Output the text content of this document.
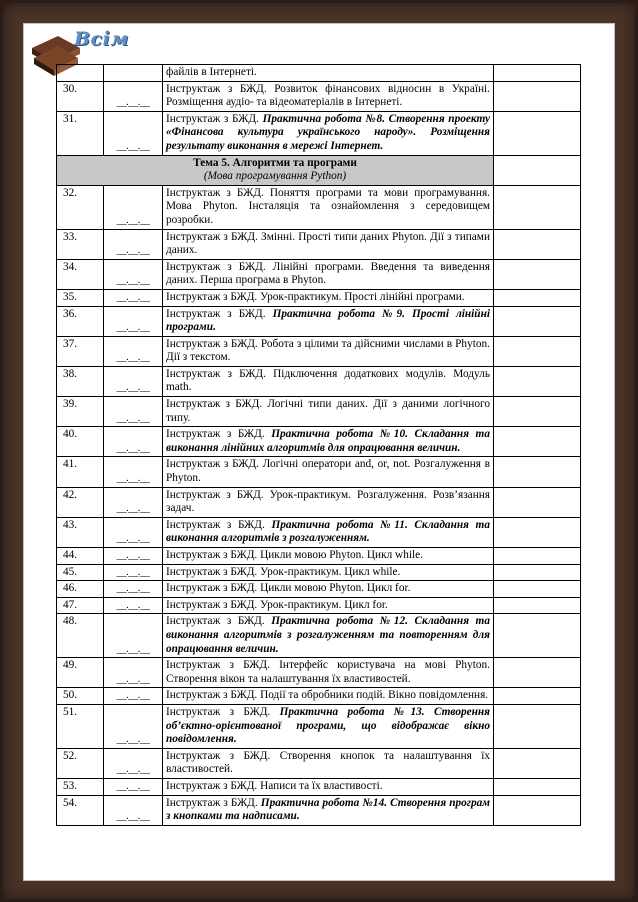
Всім
		файлів в Інтернеті.	
30.	__.__.__	Інструктаж з БЖД. Розвиток фінансових відносин в Україні. Розміщення аудіо- та відеоматеріалів в Інтернеті.	
31.	__.__.__	Інструктаж з БЖД. Практична робота №8. Створення проекту «Фінансова культура українського народу». Розміщення результату виконання в мережі Інтернет.	

Тема 5. Алгоритми та програми
(Мова програмування Python)			

32.	__.__.__	Інструктаж з БЖД. Поняття програми та мови програмування. Мова Phyton. Інсталяція та ознайомлення з середовищем розробки.	
33.	__.__.__	Інструктаж з БЖД. Змінні. Прості типи даних Phyton. Дії з типами даних.	
34.	__.__.__	Інструктаж з БЖД. Лінійні програми. Введення та виведення даних. Перша програма в Phyton.	
35.	__.__.__	Інструктаж з БЖД. Урок-практикум. Прості лінійні програми.	
36.	__.__.__	Інструктаж з БЖД. Практична робота №9. Прості лінійні програми.	
37.	__.__.__	Інструктаж з БЖД. Робота з цілими та дійсними числами в Phyton. Дії з текстом.	
38.	__.__.__	Інструктаж з БЖД. Підключення додаткових модулів. Модуль math.	
39.	__.__.__	Інструктаж з БЖД. Логічні типи даних. Дії з даними логічного типу.	
40.	__.__.__	Інструктаж з БЖД. Практична робота №10. Складання та виконання лінійних алгоритмів для опрацювання величин.	
41.	__.__.__	Інструктаж з БЖД. Логічні оператори and, or, not. Розгалуження в Phyton.	
42.	__.__.__	Інструктаж з БЖД. Урок-практикум. Розгалуження. Розв’язання задач.	
43.	__.__.__	Інструктаж з БЖД. Практична робота №11. Складання та виконання алгоритмів з розгалуженням.	
44.	__.__.__	Інструктаж з БЖД. Цикли мовою Phyton. Цикл while.	
45.	__.__.__	Інструктаж з БЖД. Урок-практикум. Цикл while.	
46.	__.__.__	Інструктаж з БЖД. Цикли мовою Phyton. Цикл for.	
47.	__.__.__	Інструктаж з БЖД. Урок-практикум. Цикл for.	
48.	__.__.__	Інструктаж з БЖД. Практична робота №12. Складання та виконання алгоритмів з розгалуженням та повторенням для опрацювання величин.	
49.	__.__.__	Інструктаж з БЖД. Інтерфейс користувача на мові Phyton. Створення вікон та налаштування їх властивостей.	
50.	__.__.__	Інструктаж з БЖД. Події та обробники подій. Вікно повідомлення.	
51.	__.__.__	Інструктаж з БЖД. Практична робота №13. Створення об’єктно-орієнтованої програми, що відображає вікно повідомлення.	
52.	__.__.__	Інструктаж з БЖД. Створення кнопок та налаштування їх властивостей.	
53.	__.__.__	Інструктаж з БЖД. Написи та їх властивості.	
54.	__.__.__	Інструктаж з БЖД. Практична робота №14. Створення програм з кнопками та надписами.	
